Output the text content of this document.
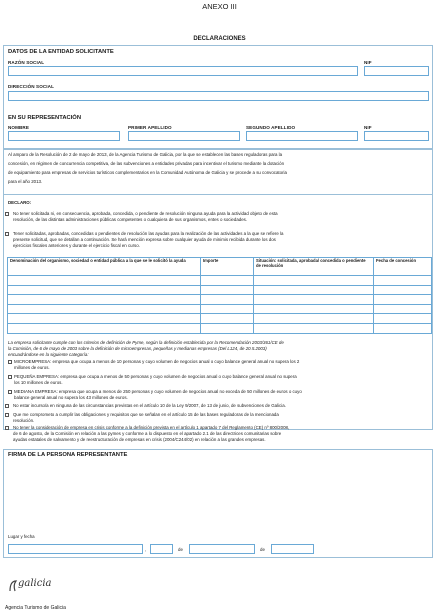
ANEXO III
DECLARACIONES
DATOS DE LA ENTIDAD SOLICITANTE
RAZÓN SOCIAL	NIF
DIRECCIÓN SOCIAL
EN SU REPRESENTACIÓN
NOMBRE	PRIMER APELLIDO	SEGUNDO APELLIDO	NIF
Al amparo de la Resolución de 2 de mayo de 2013, de la Agencia Turismo de Galicia, por la que se establecen las bases reguladoras para la
concesión, en régimen de concurrencia competitiva, de las subvenciones a entidades privadas para incentivar el turismo mediante la dotación
de equipamiento para empresas de servicios turísticos complementarios en la Comunidad Autónoma de Galicia y se procede a su convocatoria
para el año 2013.
DECLARO:
No tener solicitada ni, en consecuencia, aprobada, concedida, o pendiente de resolución ninguna ayuda para la actividad objeto de esta
resolución, de las distintas administraciones públicas competentes o cualquiera de sus organismos, entes o sociedades.
Tener solicitadas, aprobadas, concedidas o pendientes de resolución las ayudas para la realización de las actividades a la que se refiere la
presente solicitud, que se detallan a continuación. Se hará mención expresa sobre cualquier ayuda de minimis recibida durante los dos
ejercicios fiscales anteriores y durante el ejercicio fiscal en curso.
Denominación del organismo, sociedad o entidad pública a la que se le solicitó la ayuda	Importe	Situación: solicitada, aprobada/ concedida o pendiente de resolución	Fecha de concesión

La empresa solicitante cumple con los criterios de definición de Pyme, según la definición establecida por la Recomendación 2003/361/CE de
la Comisión, de 6 de mayo de 2003 sobre la definición de microempresas, pequeñas y medianas empresas (Del L124, de 20.5.2003)
encuadrándose en la siguiente categoría:
MICROEMPRESA: empresa que ocupa a menos de 10 personas y cuyo volumen de negocios anual o cuyo balance general anual no supera los 2
millones de euros.
PEQUEÑA EMPRESA: empresa que ocupa a menos de 50 personas y cuyo volumen de negocios anual o cuyo balance general anual no supera
los 10 millones de euros.
MEDIANA EMPRESA: empresa que ocupa a menos de 250 personas y cuyo volumen de negocios anual no exceda de 50 millones de euros o cuyo
balance general anual no supera los 43 millones de euros.
No estar incurso/a en ninguna de las circunstancias previstas en el artículo 10 de la Ley 9/2007, de 13 de junio, de subvenciones de Galicia.
Que me comprometo a cumplir las obligaciones y requisitos que se señalan en el artículo 15 de las bases reguladoras de la mencionada
resolución.
No tener la consideración de empresa en crisis conforme a la definición prevista en el artículo 1 apartado 7 del Reglamento (CE) nº 800/2008,
de 6 de agosto, de la Comisión en relación a las pymes y conforme a lo dispuesto en el apartado 2.1 de las directrices comunitarias sobre
ayudas estatales de salvamento y de reestructuración de empresas en crisis (2004/C244/02) en relación a las grandes empresas.
FIRMA DE LA PERSONA REPRESENTANTE
Lugar y fecha
,	de	de
galicia
Agencia Turismo de Galicia
